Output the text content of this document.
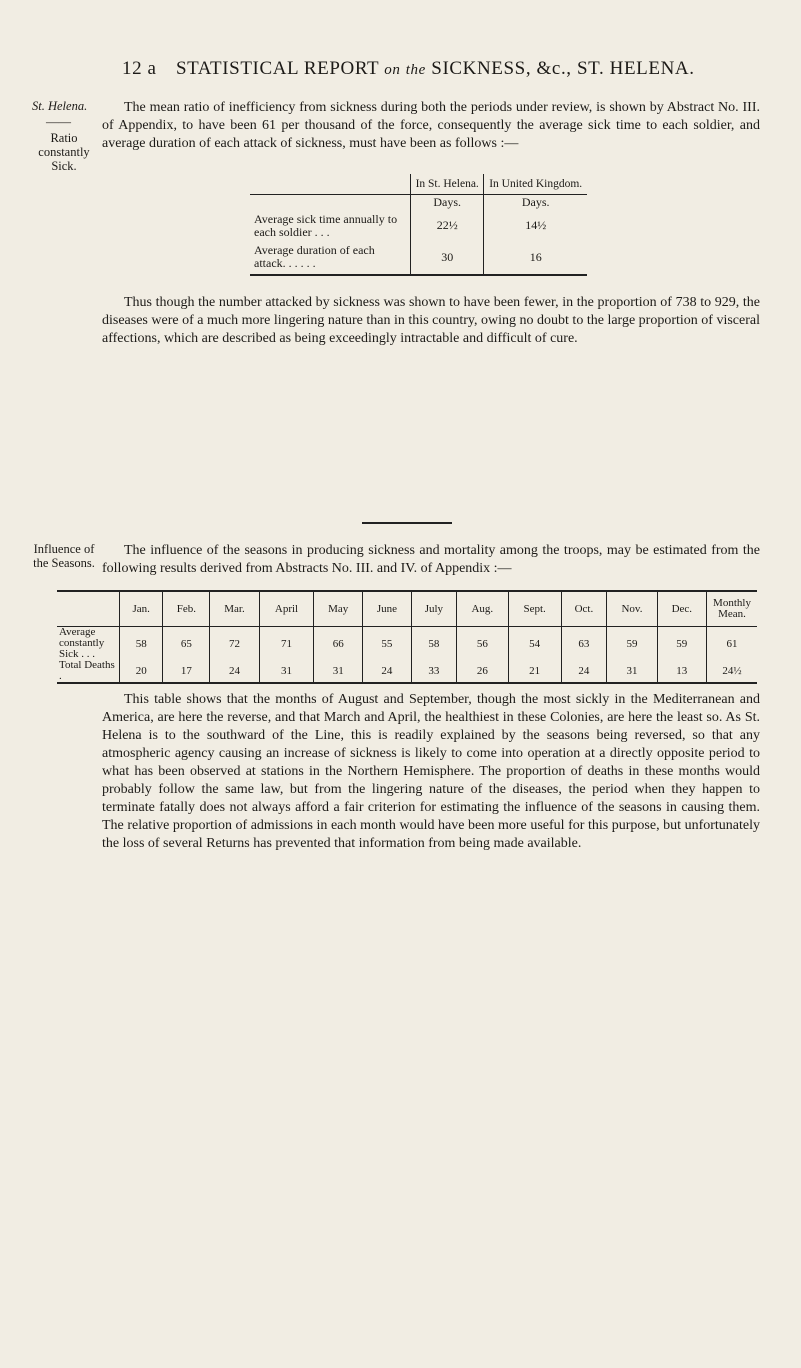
12 a STATISTICAL REPORT on the SICKNESS, &c., ST. HELENA.
St. Helena.
——
Ratio constantly Sick.
Influence of the Seasons.

The mean ratio of inefficiency from sickness during both the periods under review, is shown by Abstract No. III. of Appendix, to have been 61 per thousand of the force, consequently the average sick time to each soldier, and average duration of each attack of sickness, must have been as follows :—

	In St. Helena.	In United Kingdom.
	Days.	Days.
Average sick time annually to each soldier . . .	22½	14½
Average duration of each attack. . . . . .	30	16

Thus though the number attacked by sickness was shown to have been fewer, in the proportion of 738 to 929, the diseases were of a much more lingering nature than in this country, owing no doubt to the large proportion of visceral affections, which are described as being exceedingly intractable and difficult of cure.

The influence of the seasons in producing sickness and mortality among the troops, may be estimated from the following results derived from Abstracts No. III. and IV. of Appendix :—

	Jan.	Feb.	Mar.	April	May	June	July	Aug.	Sept.	Oct.	Nov.	Dec.	Monthly Mean.
Average constantly Sick . . .	58	65	72	71	66	55	58	56	54	63	59	59	61
Total Deaths .	20	17	24	31	31	24	33	26	21	24	31	13	24½

This table shows that the months of August and September, though the most sickly in the Mediterranean and America, are here the reverse, and that March and April, the healthiest in these Colonies, are here the least so. As St. Helena is to the southward of the Line, this is readily explained by the seasons being reversed, so that any atmospheric agency causing an increase of sickness is likely to come into operation at a directly opposite period to what has been observed at stations in the Northern Hemisphere. The proportion of deaths in these months would probably follow the same law, but from the lingering nature of the diseases, the period when they happen to terminate fatally does not always afford a fair criterion for estimating the influence of the seasons in causing them. The relative proportion of admissions in each month would have been more useful for this purpose, but unfortunately the loss of several Returns has prevented that information from being made available.
